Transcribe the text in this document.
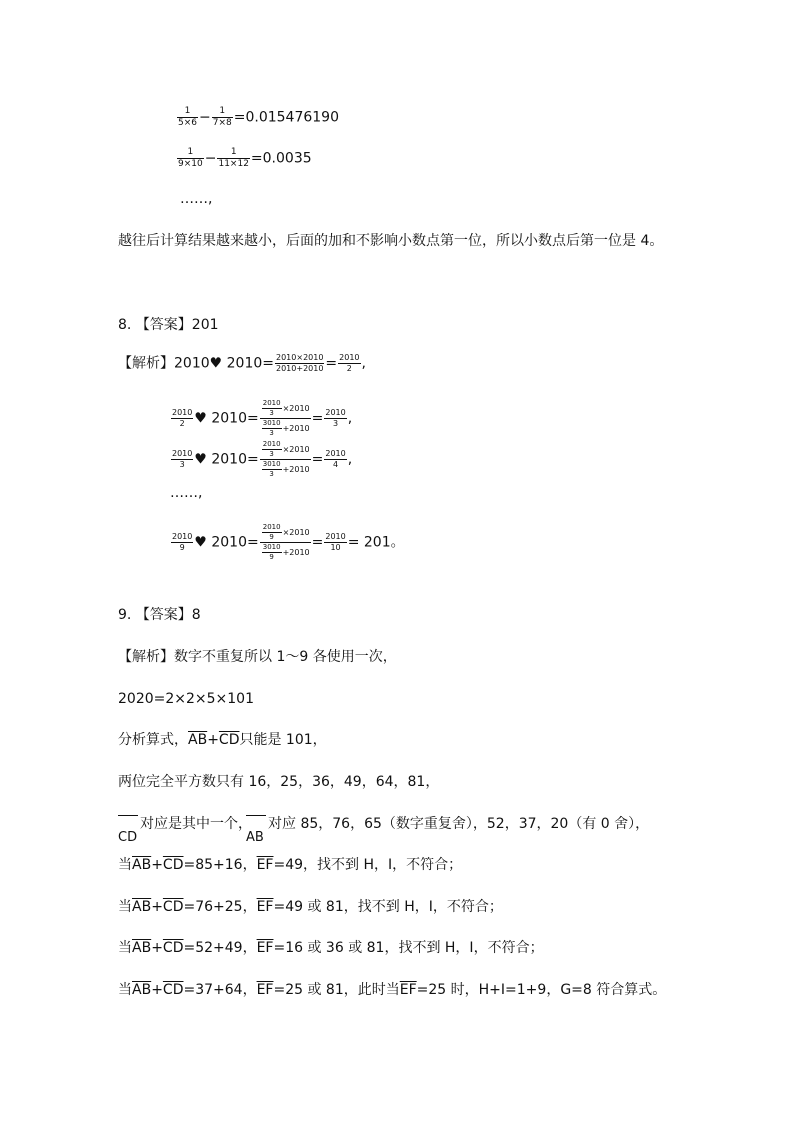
$\frac{1}{5\times 6} - \frac{1}{7\times 8} =0.015476190$
$\frac{1}{9\times 10} - \frac{1}{11\times 12} =0.0035$
……,
越往后计算结果越来越小，后面的加和不影响小数点第一位，所以小数点后第一位是 4。
8. 【答案】201
【解析】2010♥ $2010= \frac{2010\times 2010}{2010+2010} = \frac{2010}{2}$ ,
$\frac{2010}{2}$ ♥ $2010= \frac{\frac{2010}{3} \times 2010}{\frac{3010}{3} +2010} = \frac{2010}{3}$ ,
$\frac{2010}{3}$ ♥ $2010= \frac{\frac{2010}{3} \times 2010}{\frac{3010}{3} +2010} = \frac{2010}{4}$ ,
……,
$\frac{2010}{9}$ ♥ $2010= \frac{\frac{2010}{9} \times 2010}{\frac{3010}{9} +2010} = \frac{2010}{10} = 201$。
9. 【答案】8
【解析】数字不重复所以 1～9 各使用一次，
2020=2×2×5×101
分析算式，$\overline{AB}+\overline{CD}$只能是 101，
两位完全平方数只有 16，25，36，49，64，81，
CD
对应是其中一个，
AB
对应 85，76，65（数字重复舍），52，37，20（有 0 舍），
当$\overline{AB}+\overline{CD}=85+16$，$\overline{EF}=49$，找不到 H，I，不符合；
当$\overline{AB}+\overline{CD}=76+25$，$\overline{EF}=49$ 或 81，找不到 H，I，不符合；
当$\overline{AB}+\overline{CD}=52+49$，$\overline{EF}=16$ 或 36 或 81，找不到 H，I，不符合；
当$\overline{AB}+\overline{CD}=37+64$，$\overline{EF}=25$ 或 81，此时当$\overline{EF}=25$ 时，H+I=1+9，G=8 符合算式。
